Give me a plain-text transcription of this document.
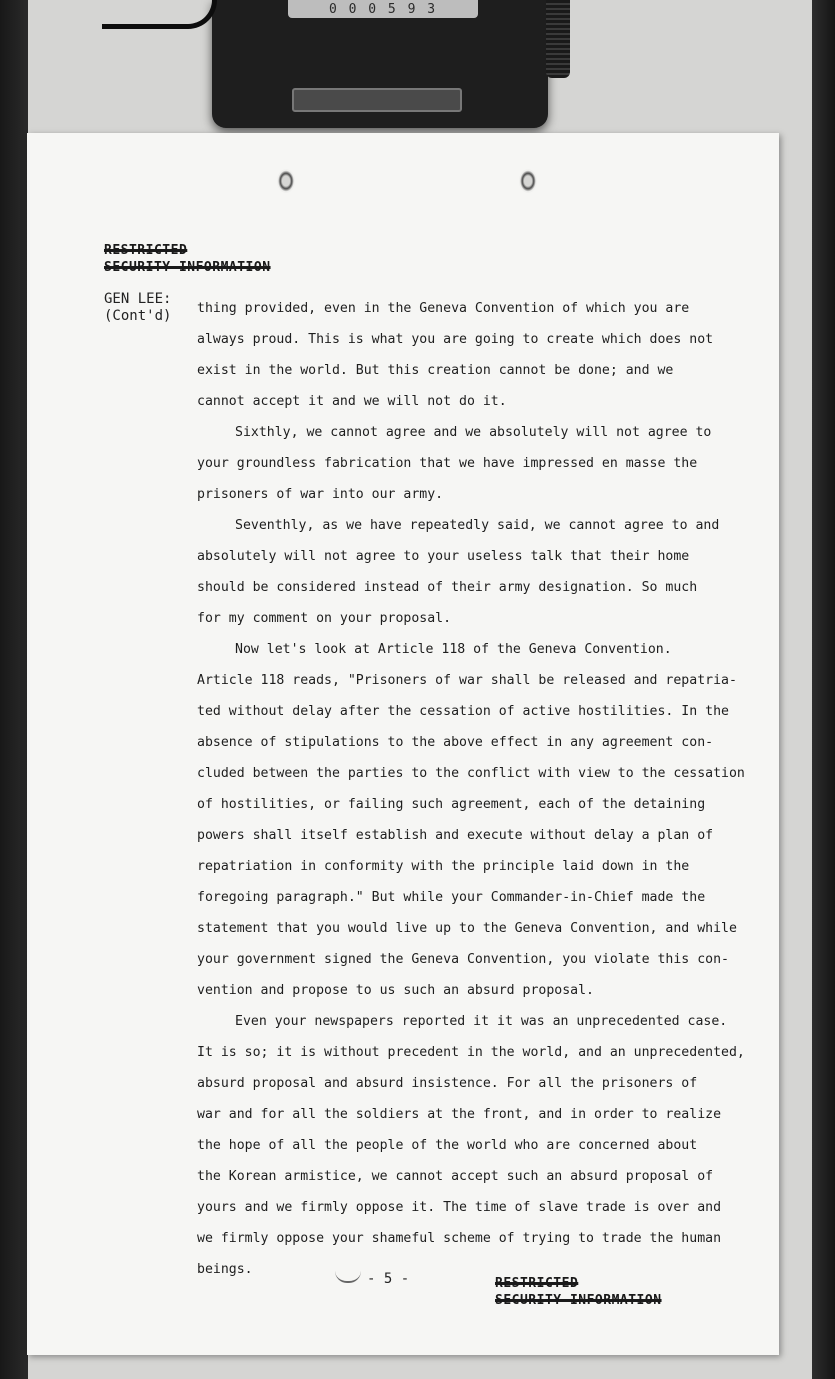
0 0 0 5 9 3
RESTRICTED
SECURITY INFORMATION
GEN LEE:
(Cont'd) thing provided, even in the Geneva Convention of which you are
always proud. This is what you are going to create which does not
exist in the world. But this creation cannot be done; and we
cannot accept it and we will not do it.
Sixthly, we cannot agree and we absolutely will not agree to
your groundless fabrication that we have impressed en masse the
prisoners of war into our army.
Seventhly, as we have repeatedly said, we cannot agree to and
absolutely will not agree to your useless talk that their home
should be considered instead of their army designation. So much
for my comment on your proposal.
Now let's look at Article 118 of the Geneva Convention.
Article 118 reads, "Prisoners of war shall be released and repatria-
ted without delay after the cessation of active hostilities. In the
absence of stipulations to the above effect in any agreement con-
cluded between the parties to the conflict with view to the cessation
of hostilities, or failing such agreement, each of the detaining
powers shall itself establish and execute without delay a plan of
repatriation in conformity with the principle laid down in the
foregoing paragraph." But while your Commander-in-Chief made the
statement that you would live up to the Geneva Convention, and while
your government signed the Geneva Convention, you violate this con-
vention and propose to us such an absurd proposal.
Even your newspapers reported it it was an unprecedented case.
It is so; it is without precedent in the world, and an unprecedented,
absurd proposal and absurd insistence. For all the prisoners of
war and for all the soldiers at the front, and in order to realize
the hope of all the people of the world who are concerned about
the Korean armistice, we cannot accept such an absurd proposal of
yours and we firmly oppose it. The time of slave trade is over and
we firmly oppose your shameful scheme of trying to trade the human
beings.
- 5 -	RESTRICTED
SECURITY INFORMATION
